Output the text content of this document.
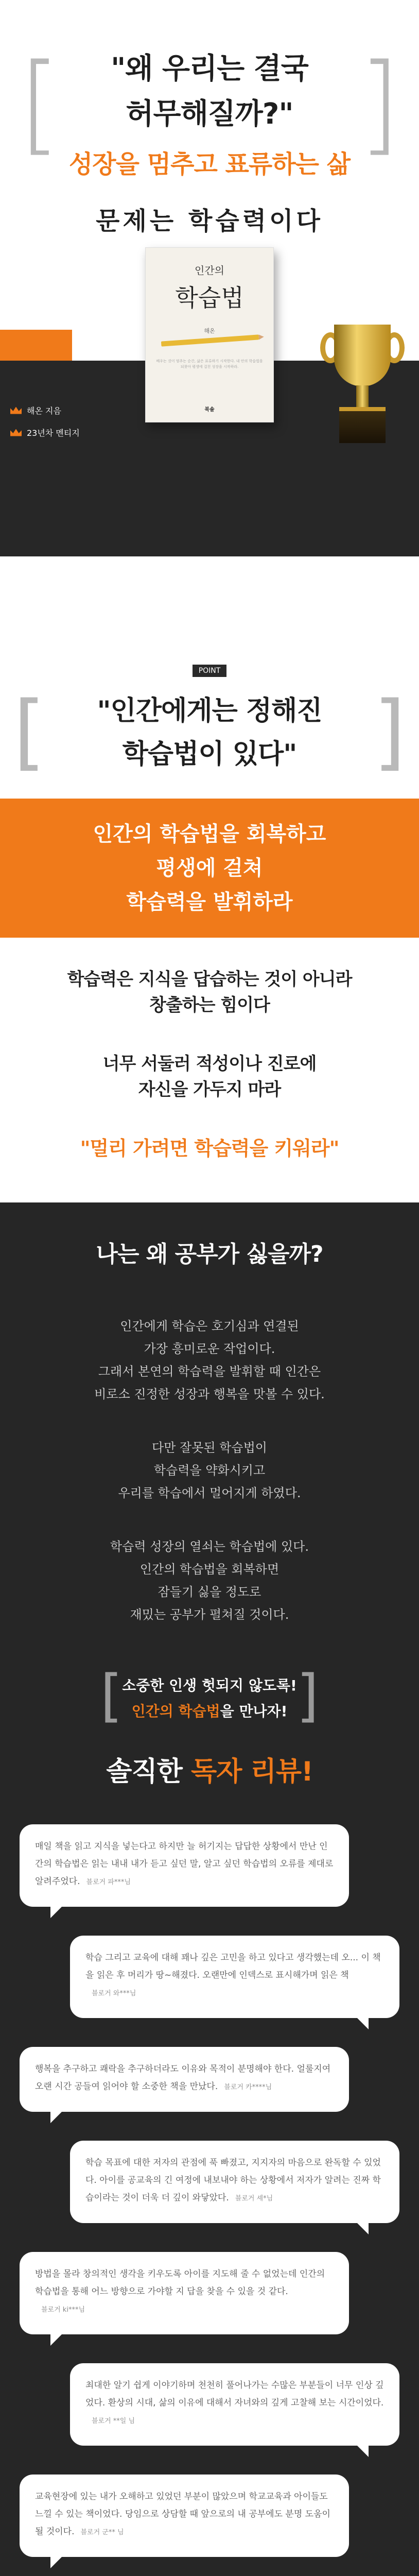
[	]
"왜 우리는 결국
허무해질까?"
성장을 멈추고 표류하는 삶
문제는 학습력이다
인간의
학습법
해온
배우는 것이 멈추는 순간, 삶은 표류하기 시작한다. 내 안의 학습법을 되찾아 평생에 걸친 성장을 시작하라.
북솔
해온 지음
23년차 멘티지
POINT
[	]
"인간에게는 정해진
학습법이 있다"
인간의 학습법을 회복하고
평생에 걸쳐
학습력을 발휘하라

학습력은 지식을 답습하는 것이 아니라

창출하는 힘이다

너무 서둘러 적성이나 진로에

자신을 가두지 마라

"멀리 가려면 학습력을 키워라"

나는 왜 공부가 싫을까?
인간에게 학습은 호기심과 연결된
가장 흥미로운 작업이다.
그래서 본연의 학습력을 발휘할 때 인간은
비로소 진정한 성장과 행복을 맛볼 수 있다.
다만 잘못된 학습법이
학습력을 약화시키고
우리를 학습에서 멀어지게 하였다.
학습력 성장의 열쇠는 학습법에 있다.
인간의 학습법을 회복하면
잠들기 싫을 정도로
재밌는 공부가 펼쳐질 것이다.
[	]
소중한 인생 헛되지 않도록!
인간의 학습법을 만나자!
솔직한 독자 리뷰!
매일 책을 읽고 지식을 넣는다고 하지만 늘 허기지는 답답한 상황에서 만난 인간의 학습법은 읽는 내내 내가 듣고 싶던 말, 알고 싶던 학습법의 오류를 제대로 알려주었다. 블로거 파***님
학습 그리고 교육에 대해 꽤나 깊은 고민을 하고 있다고 생각했는데 오... 이 책을 읽은 후 머리가 땅~해졌다. 오랜만에 인덱스로 표시해가며 읽은 책블로거 와***님
행복을 추구하고 쾌락을 추구하더라도 이유와 목적이 분명해야 한다. 얼룰지여 오랜 시간 공들여 읽어야 할 소중한 책을 만났다. 블로거 카****님
학습 목표에 대한 저자의 관점에 푹 빠졌고, 지지자의 마음으로 완독할 수 있었다. 아이를 공교육의 긴 여정에 내보내야 하는 상황에서 저자가 알려는 진짜 학습이라는 것이 더욱 더 깊이 와닿았다. 블로거 셰*님
방법을 몰라 창의적인 생각을 키우도록 아이를 지도해 줄 수 없었는데 인간의 학습법을 통해 어느 방향으로 가야할 지 답을 찾을 수 있을 것 같다.블로거 ki***님
최대한 알기 쉽게 이야기하며 천천히 풀어나가는 수많은 부분들이 너무 인상 깊었다. 환상의 시대, 삶의 이유에 대해서 자녀와의 깊게 고찰해 보는 시간이었다.블로거 **일 님
교육현장에 있는 내가 오해하고 있었던 부분이 많았으며 학교교육과 아이들도 느낄 수 있는 책이었다. 당임으로 상담할 때 앞으로의 내 공부에도 분명 도움이 될 것이다. 블로거 군** 님
